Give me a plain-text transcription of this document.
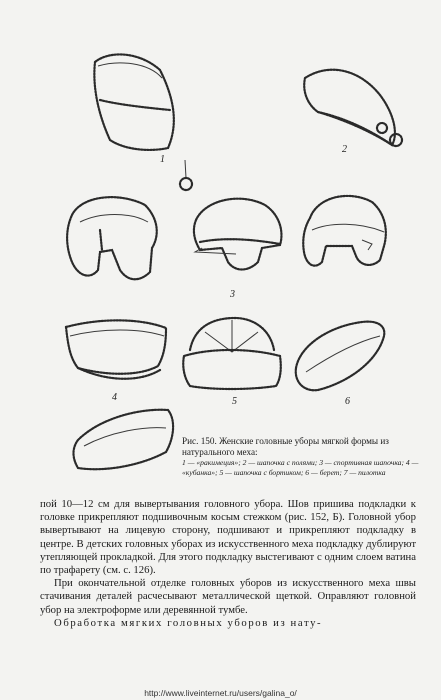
1
2
3
4	5	6
Рис. 150. Женские головные уборы мягкой формы из натурального меха:
1 — «ракимеция»; 2 — шапочка с полями; 3 — спортивная шапочка; 4 — «кубанка»; 5 — шапочка с бортиком; 6 — берет; 7 — пилотка

пой 10—12 см для вывертывания головного убора. Шов пришива подкладки к головке прикрепляют подшивочным косым стежком (рис. 152, Б). Головной убор вывертывают на лицевую сторону, подшивают и прикрепляют подкладку в центре. В детских головных уборах из искусственного меха подкладку дублируют утепляющей прокладкой. Для этого подкладку выстегивают с одним слоем ватина по трафарету (см. с. 126).

При окончательной отделке головных уборов из искусственного меха швы стачивания деталей расчесывают металлической щеткой. Оправляют головной убор на электроформе или деревянной тумбе.

Обработка мягких головных уборов из нату-

http://www.liveinternet.ru/users/galina_o/
